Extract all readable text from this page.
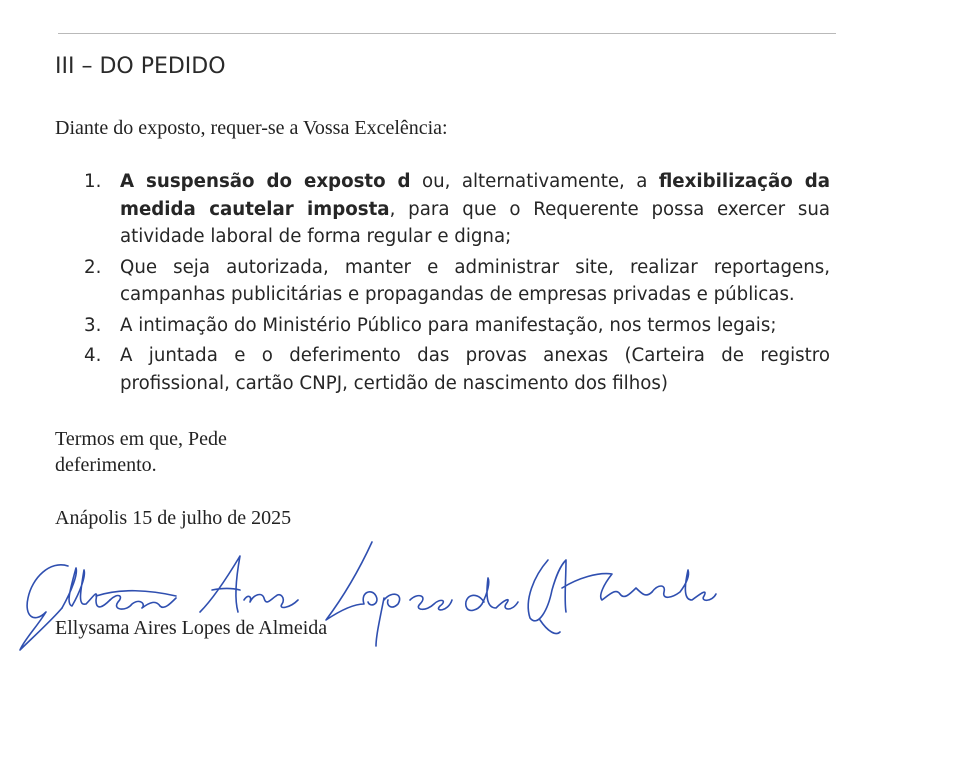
III – DO PEDIDO

Diante do exposto, requer-se a Vossa Excelência:

1.	A suspensão do exposto d ou, alternativamente, a flexibilização da medida cautelar imposta, para que o Requerente possa exercer sua atividade laboral de forma regular e digna;
2.	Que seja autorizada, manter e administrar site, realizar reportagens, campanhas publicitárias e propagandas de empresas privadas e públicas.
3.	A intimação do Ministério Público para manifestação, nos termos legais;
4.	A juntada e o deferimento das provas anexas (Carteira de registro profissional, cartão CNPJ, certidão de nascimento dos filhos)
Termos em que, Pede
deferimento.

Anápolis 15 de julho de 2025

Ellysama Aires Lopes de Almeida
